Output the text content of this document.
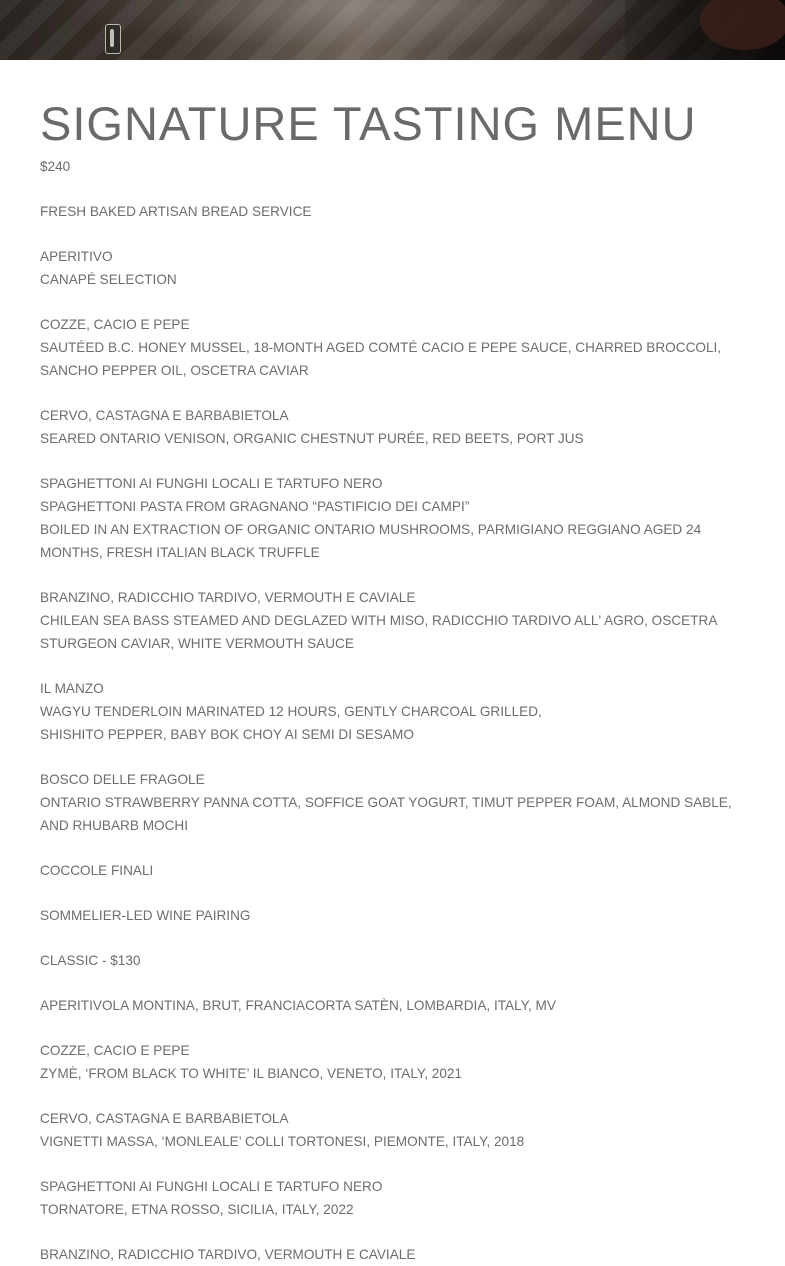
SIGNATURE TASTING MENU

$240

FRESH BAKED ARTISAN BREAD SERVICE

APERITIVO

CANAPÉ SELECTION

COZZE, CACIO E PEPE

SAUTÉED B.C. HONEY MUSSEL, 18-MONTH AGED COMTÉ CACIO E PEPE SAUCE, CHARRED BROCCOLI, SANCHO PEPPER OIL, OSCETRA CAVIAR

CERVO, CASTAGNA E BARBABIETOLA

SEARED ONTARIO VENISON, ORGANIC CHESTNUT PURÉE, RED BEETS, PORT JUS

SPAGHETTONI AI FUNGHI LOCALI E TARTUFO NERO

SPAGHETTONI PASTA FROM GRAGNANO “PASTIFICIO DEI CAMPI”

BOILED IN AN EXTRACTION OF ORGANIC ONTARIO MUSHROOMS, PARMIGIANO REGGIANO AGED 24 MONTHS, FRESH ITALIAN BLACK TRUFFLE

BRANZINO, RADICCHIO TARDIVO, VERMOUTH E CAVIALE

CHILEAN SEA BASS STEAMED AND DEGLAZED WITH MISO, RADICCHIO TARDIVO ALL' AGRO, OSCETRA STURGEON CAVIAR, WHITE VERMOUTH SAUCE

IL MANZO

WAGYU TENDERLOIN MARINATED 12 HOURS, GENTLY CHARCOAL GRILLED,

SHISHITO PEPPER, BABY BOK CHOY AI SEMI DI SESAMO

BOSCO DELLE FRAGOLE

ONTARIO STRAWBERRY PANNA COTTA, SOFFICE GOAT YOGURT, TIMUT PEPPER FOAM, ALMOND SABLE, AND RHUBARB MOCHI

COCCOLE FINALI

SOMMELIER-LED WINE PAIRING

CLASSIC - $130

APERITIVOLA MONTINA, BRUT, FRANCIACORTA SATÈN, LOMBARDIA, ITALY, MV

COZZE, CACIO E PEPE

ZYMÈ, ‘FROM BLACK TO WHITE’ IL BIANCO, VENETO, ITALY, 2021

CERVO, CASTAGNA E BARBABIETOLA

VIGNETTI MASSA, ‘MONLEALE’ COLLI TORTONESI, PIEMONTE, ITALY, 2018

SPAGHETTONI AI FUNGHI LOCALI E TARTUFO NERO

TORNATORE, ETNA ROSSO, SICILIA, ITALY, 2022

BRANZINO, RADICCHIO TARDIVO, VERMOUTH E CAVIALE
